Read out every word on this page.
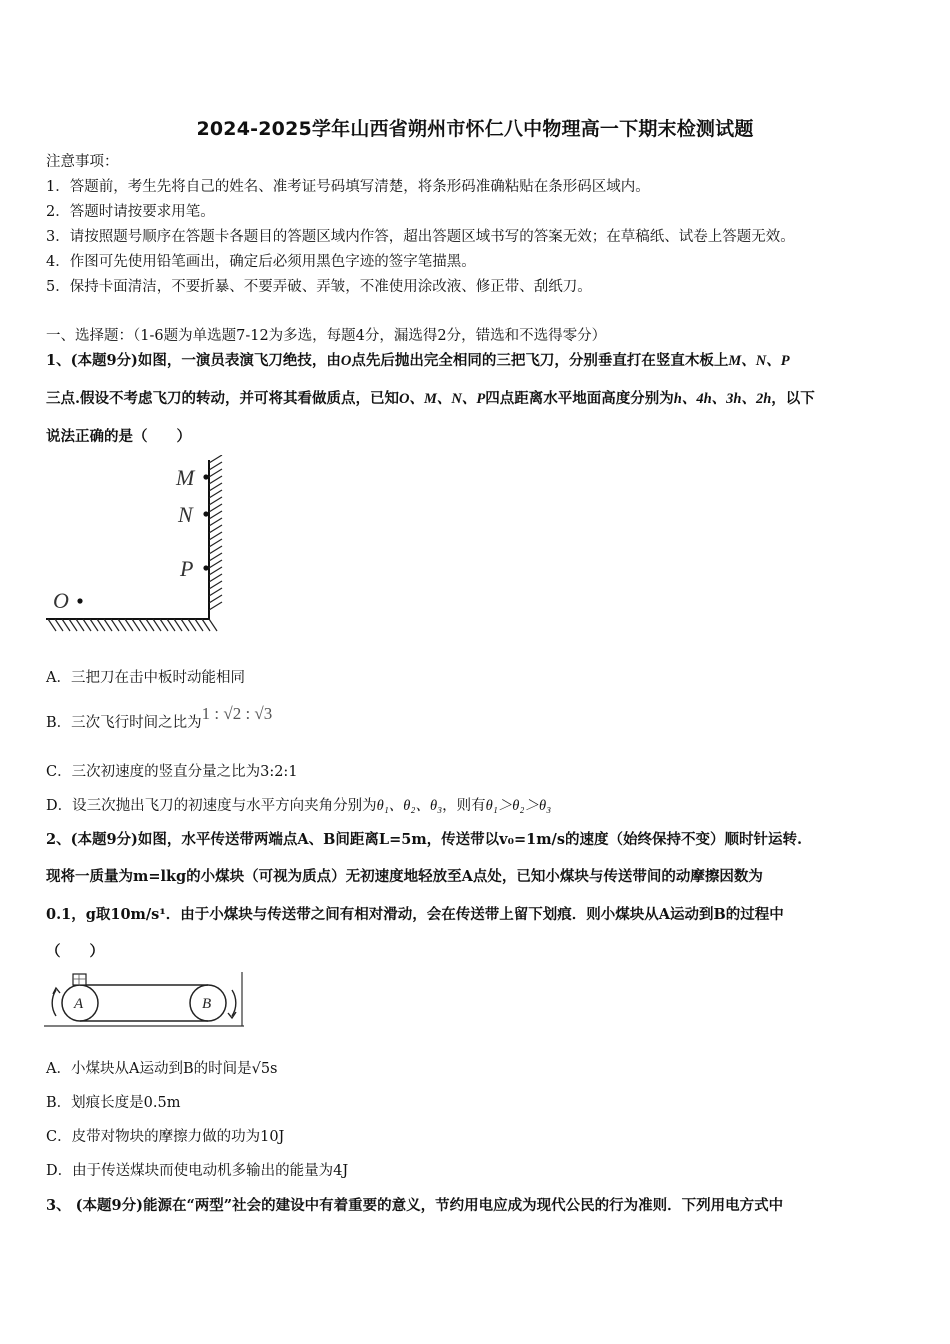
2024-2025学年山西省朔州市怀仁八中物理高一下期末检测试题
注意事项：
1．答题前，考生先将自己的姓名、准考证号码填写清楚，将条形码准确粘贴在条形码区域内。
2．答题时请按要求用笔。
3．请按照题号顺序在答题卡各题目的答题区域内作答，超出答题区域书写的答案无效；在草稿纸、试卷上答题无效。
4．作图可先使用铅笔画出，确定后必须用黑色字迹的签字笔描黑。
5．保持卡面清洁，不要折暴、不要弄破、弄皱，不准使用涂改液、修正带、刮纸刀。
一、选择题：（1-6题为单选题7-12为多选，每题4分，漏选得2分，错选和不选得零分）
1、(本题9分)如图，一演员表演飞刀绝技，由O点先后抛出完全相同的三把飞刀，分别垂直打在竖直木板上M、N、P
三点.假设不考虑飞刀的转动，并可将其看做质点，已知O、M、N、P四点距离水平地面高度分别为h、4h、3h、2h，以下
说法正确的是（　　）
M
N
P
O
A．三把刀在击中板时动能相同
B．三次飞行时间之比为1 : √2 : √3
C．三次初速度的竖直分量之比为3:2:1
D．设三次抛出飞刀的初速度与水平方向夹角分别为θ₁、θ₂、θ₃，则有θ₁＞θ₂＞θ₃
2、(本题9分)如图，水平传送带两端点A、B间距离L=5m，传送带以v₀=1m/s的速度（始终保持不变）顺时针运转.
现将一质量为m=lkg的小煤块（可视为质点）无初速度地轻放至A点处，已知小煤块与传送带间的动摩擦因数为
0.1，g取10m/s¹．由于小煤块与传送带之间有相对滑动，会在传送带上留下划痕．则小煤块从A运动到B的过程中
（　　）
A	B
A．小煤块从A运动到B的时间是√5s
B．划痕长度是0.5m
C．皮带对物块的摩擦力做的功为10J
D．由于传送煤块而使电动机多输出的能量为4J
3、 (本题9分)能源在“两型”社会的建设中有着重要的意义，节约用电应成为现代公民的行为准则．下列用电方式中
